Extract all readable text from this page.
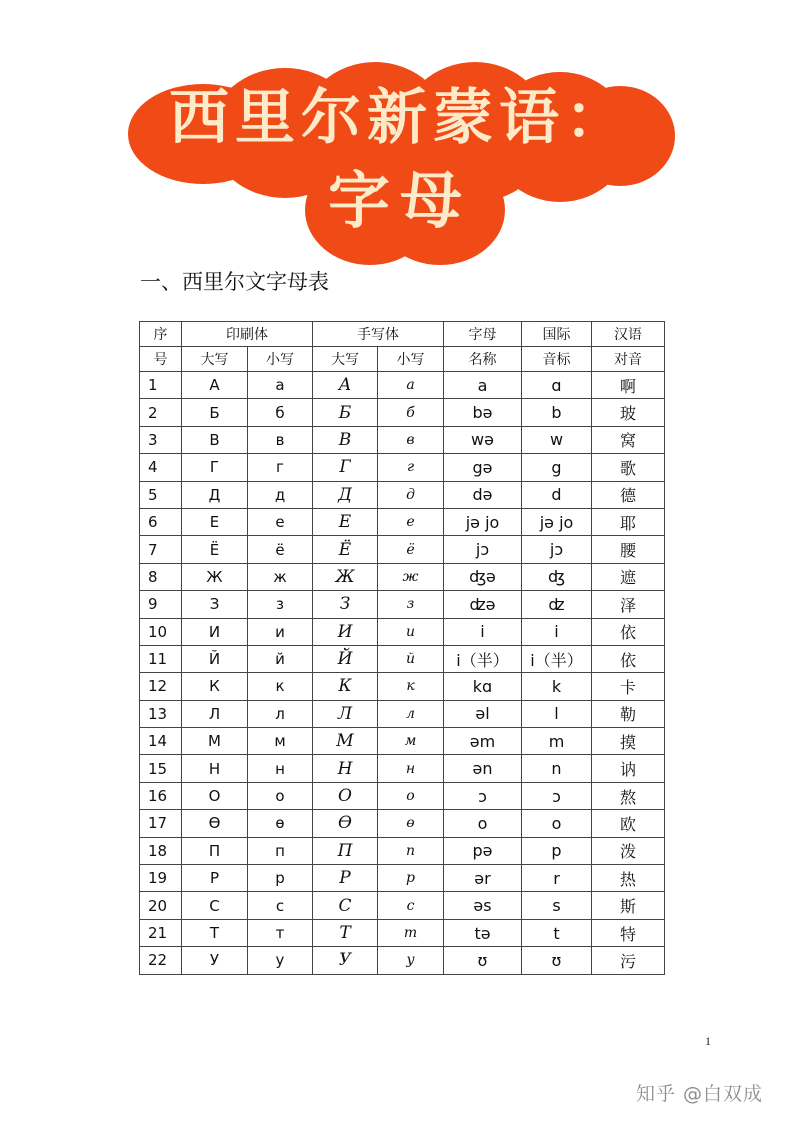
西里尔新蒙语：
字母
一、西里尔文字母表
序	印刷体		手写体		字母	国际	汉语
号	大写	小写	大写	小写	名称	音标	对音
1	А	а	А	а	a	ɑ	啊
2	Б	б	Б	б	bə	b	玻
3	В	в	В	в	wə	w	窝
4	Г	г	Г	г	gə	g	歌
5	Д	д	Д	д	də	d	德
6	Е	е	Е	е	jə jo	jə jo	耶
7	Ё	ё	Ё	ё	jɔ	jɔ	腰
8	Ж	ж	Ж	ж	ʤə	ʤ	遮
9	З	з	З	з	ʣə	ʣ	泽
10	И	и	И	и	i	i	依
11	Й	й	Й	й	i（半）	i（半）	依
12	К	к	К	к	kɑ	k	卡
13	Л	л	Л	л	əl	l	勒
14	М	м	М	м	əm	m	摸
15	Н	н	Н	н	ən	n	讷
16	О	о	О	о	ɔ	ɔ	熬
17	Ө	ө	Ө	ө	o	o	欧
18	П	п	П	п	pə	p	泼
19	Р	р	Р	р	ər	r	热
20	С	с	С	с	əs	s	斯
21	Т	т	Т	т	tə	t	特
22	У	у	У	у	ʊ	ʊ	污
1
知乎 @白双成
